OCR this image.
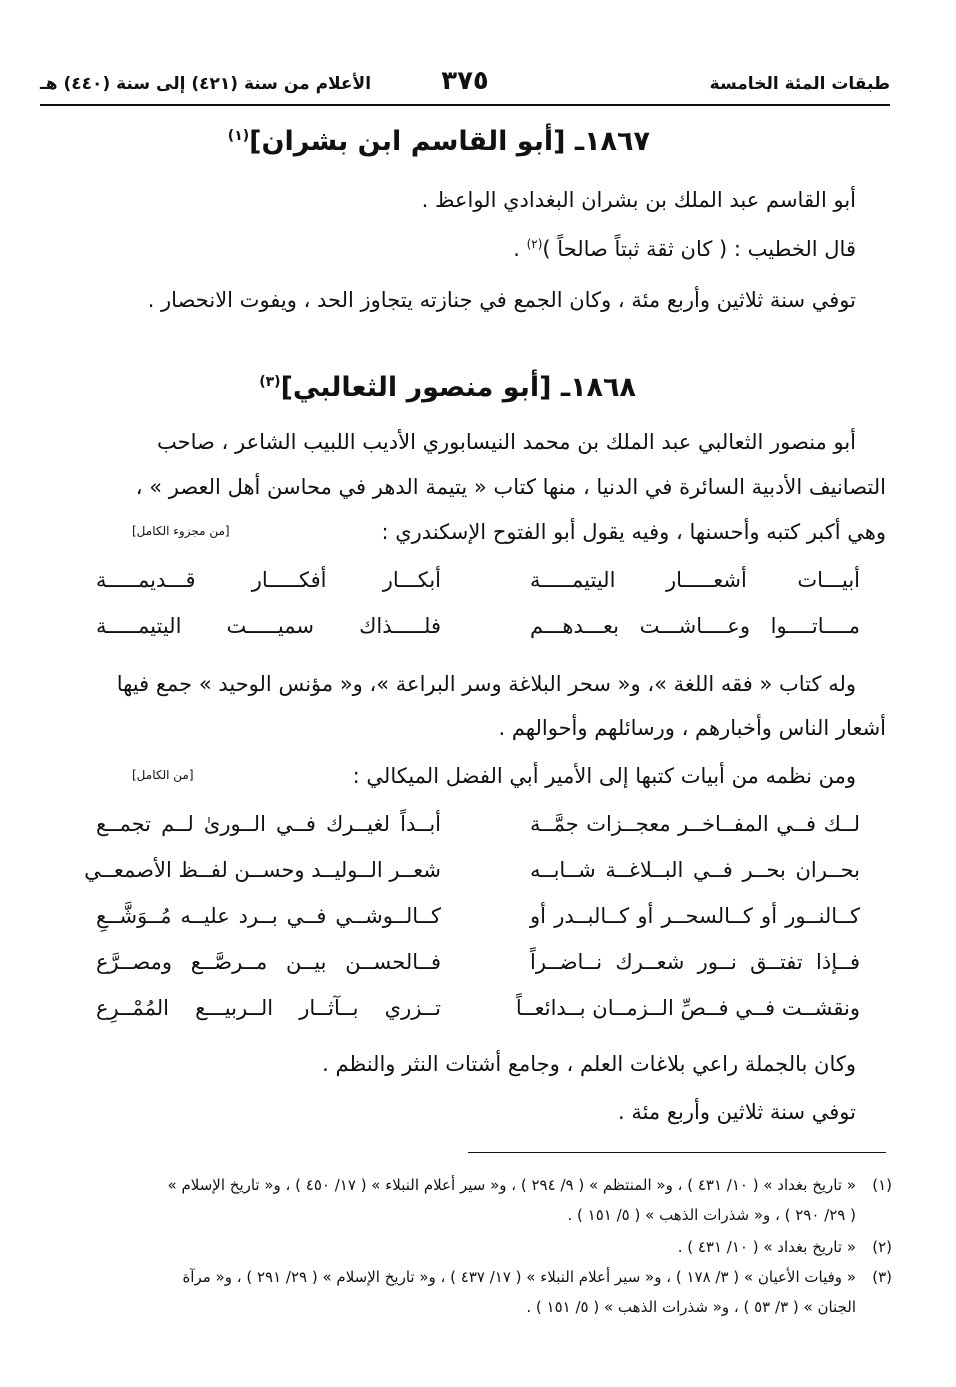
طبقات المئة الخامسة
٣٧٥
الأعلام من سنة (٤٢١) إلى سنة (٤٤٠) هـ
١٨٦٧ـ [أبو القاسم ابن بشران]$^{(١)}$
أبو القاسم عبد الملك بن بشران البغدادي الواعظ .
قال الخطيب : ( كان ثقة ثبتاً صالحاً )$^{(٢)}$ .
توفي سنة ثلاثين وأربع مئة ، وكان الجمع في جنازته يتجاوز الحد ، ويفوت الانحصار .
١٨٦٨ـ [أبو منصور الثعالبي]$^{(٣)}$
أبو منصور الثعالبي عبد الملك بن محمد النيسابوري الأديب اللبيب الشاعر ، صاحب
التصانيف الأدبية السائرة في الدنيا ، منها كتاب « يتيمة الدهر في محاسن أهل العصر » ،
وهي أكبر كتبه وأحسنها ، وفيه يقول أبو الفتوح الإسكندري :
[من مجزوء الكامل]
أبيـــات أشعـــــار اليتيمـــــة
أبكـــار أفكـــــار قـــديمـــــة
مــــاتــــوا وعــــاشـــت بعـــدهـــم
فلـــــذاك سميـــــت اليتيمـــــة
وله كتاب « فقه اللغة »، و« سحر البلاغة وسر البراعة »، و« مؤنس الوحيد » جمع فيها
أشعار الناس وأخبارهم ، ورسائلهم وأحوالهم .
ومن نظمه من أبيات كتبها إلى الأمير أبي الفضل الميكالي :
[من الكامل]
لــك فــي المفــاخــر معجــزات جمَّــة
أبــداً لغيــرك فــي الــورىٰ لــم تجمــع
بحــران بحــر فــي البــلاغــة شــابــه
شعــر الــوليــد وحســن لفــظ الأصمعــي
كــالنــور أو كــالسحــر أو كــالبــدر أو
كــالــوشــي فــي بــرد عليــه مُــوَشَّــعِ
فــإذا تفتــق نــور شعــرك نــاضــراً
فــالحســن بيــن مــرصَّــع ومصــرَّع
ونقشــت فــي فــصِّ الــزمــان بــدائعــاً
تــزري بــآثــار الــربيـــع المُمْــرِع
وكان بالجملة راعي بلاغات العلم ، وجامع أشتات النثر والنظم .
توفي سنة ثلاثين وأربع مئة .
(١)
« تاريخ بغداد » ( ١٠/ ٤٣١ ) ، و« المنتظم » ( ٩/ ٢٩٤ ) ، و« سير أعلام النبلاء » ( ١٧/ ٤٥٠ ) ، و« تاريخ الإسلام »
( ٢٩/ ٢٩٠ ) ، و« شذرات الذهب » ( ٥/ ١٥١ ) .
(٢)
« تاريخ بغداد » ( ١٠/ ٤٣١ ) .
(٣)
« وفيات الأعيان » ( ٣/ ١٧٨ ) ، و« سير أعلام النبلاء » ( ١٧/ ٤٣٧ ) ، و« تاريخ الإسلام » ( ٢٩/ ٢٩١ ) ، و« مرآة
الجنان » ( ٣/ ٥٣ ) ، و« شذرات الذهب » ( ٥/ ١٥١ ) .
